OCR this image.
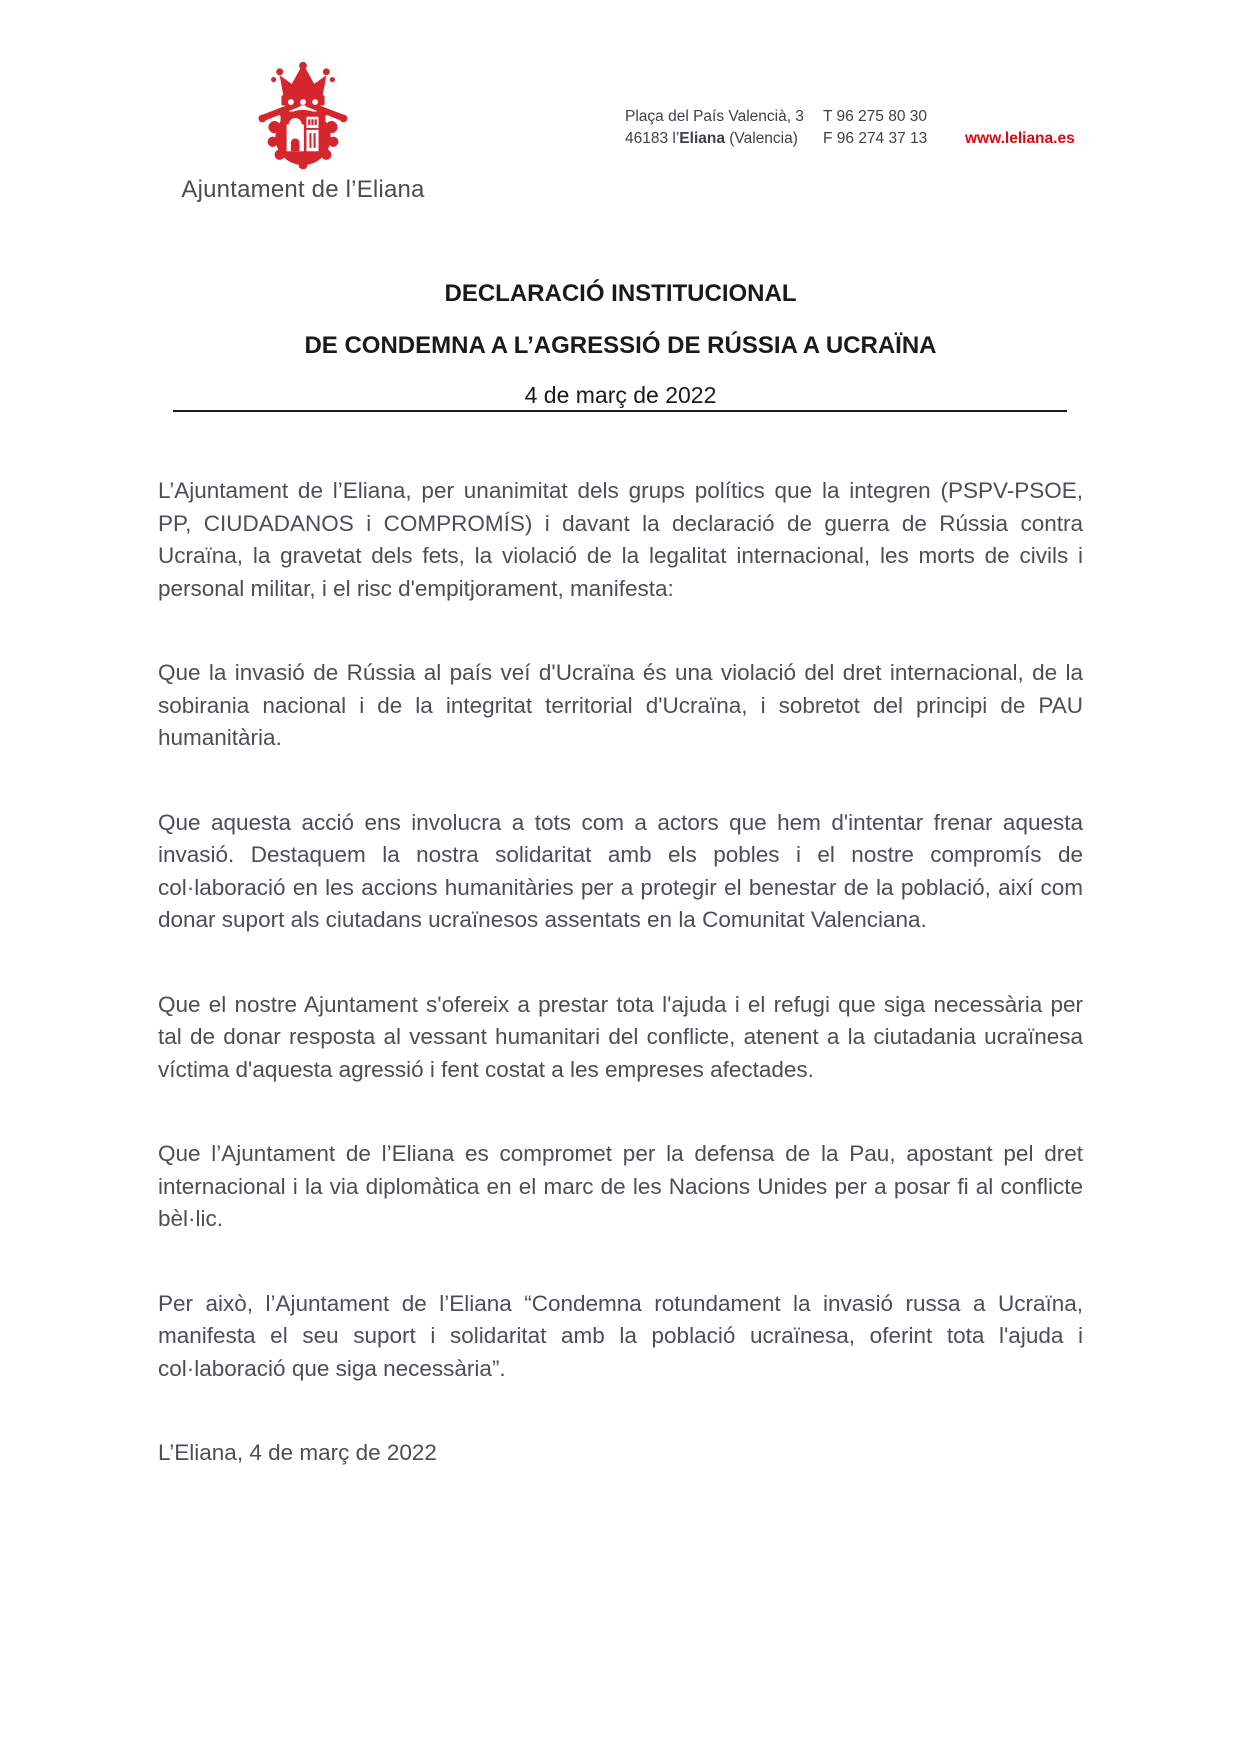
Ajuntament de l’Eliana
Plaça del País Valencià, 3
46183 l’Eliana (Valencia)
T 96 275 80 30
F 96 274 37 13	www.leliana.es
DECLARACIÓ INSTITUCIONAL
DE CONDEMNA A L’AGRESSIÓ DE RÚSSIA A UCRAÏNA
4 de març de 2022

L’Ajuntament de l’Eliana, per unanimitat dels grups polítics que la integren (PSPV-PSOE, PP, CIUDADANOS i COMPROMÍS) i davant la declaració de guerra de Rússia contra Ucraïna, la gravetat dels fets, la violació de la legalitat internacional, les morts de civils i personal militar, i el risc d'empitjorament, manifesta:

Que la invasió de Rússia al país veí d'Ucraïna és una violació del dret internacional, de la sobirania nacional i de la integritat territorial d'Ucraïna, i sobretot del principi de PAU humanitària.

Que aquesta acció ens involucra a tots com a actors que hem d'intentar frenar aquesta invasió. Destaquem la nostra solidaritat amb els pobles i el nostre compromís de col·laboració en les accions humanitàries per a protegir el benestar de la població, així com donar suport als ciutadans ucraïnesos assentats en la Comunitat Valenciana.

Que el nostre Ajuntament s'ofereix a prestar tota l'ajuda i el refugi que siga necessària per tal de donar resposta al vessant humanitari del conflicte, atenent a la ciutadania ucraïnesa víctima d'aquesta agressió i fent costat a les empreses afectades.

Que l’Ajuntament de l’Eliana es compromet per la defensa de la Pau, apostant pel dret internacional i la via diplomàtica en el marc de les Nacions Unides per a posar fi al conflicte bèl·lic.

Per això, l’Ajuntament de l’Eliana “Condemna rotundament la invasió russa a Ucraïna, manifesta el seu suport i solidaritat amb la població ucraïnesa, oferint tota l'ajuda i col·laboració que siga necessària”.

L’Eliana, 4 de març de 2022
